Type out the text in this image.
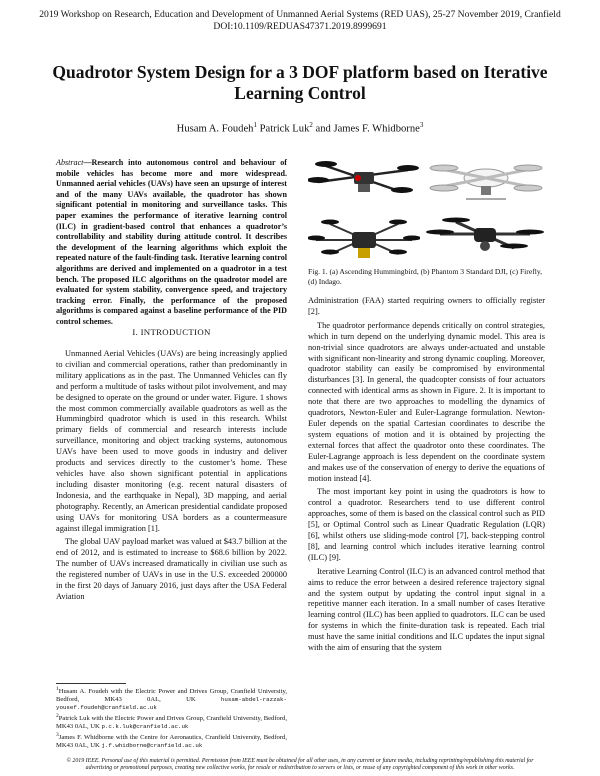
2019 Workshop on Research, Education and Development of Unmanned Aerial Systems (RED UAS), 25-27 November 2019, Cranfield
DOI:10.1109/REDUAS47371.2019.8999691
Quadrotor System Design for a 3 DOF platform based on Iterative Learning Control
Husam A. Foudeh$^1$ Patrick Luk$^2$ and James F. Whidborne$^3$
Abstract—Research into autonomous control and behaviour of mobile vehicles has become more and more widespread. Unmanned aerial vehicles (UAVs) have seen an upsurge of interest and of the many UAVs available, the quadrotor has shown significant potential in monitoring and surveillance tasks. This paper examines the performance of iterative learning control (ILC) in gradient-based control that enhances a quadrotor’s controllability and stability during attitude control. It describes the development of the learning algorithms which exploit the repeated nature of the fault-finding task. Iterative learning control algorithms are derived and implemented on a quadrotor in a test bench. The proposed ILC algorithms on the quadrotor model are evaluated for system stability, convergence speed, and trajectory tracking error. Finally, the performance of the proposed algorithms is compared against a baseline performance of the PID control schemes.
I. INTRODUCTION

Unmanned Aerial Vehicles (UAVs) are being increasingly applied to civilian and commercial operations, rather than predominantly in military applications as in the past. The Unmanned Vehicles can fly and perform a multitude of tasks without pilot involvement, and may be designed to operate on the ground or under water. Figure. 1 shows the most common commercially available quadrotors as well as the Hummingbird quadrotor which is used in this research. Whilst primary fields of commercial and research interests include surveillance, monitoring and object tracking systems, autonomous UAVs have been used to move goods in industry and deliver products and services directly to the customer’s home. These vehicles have also shown significant potential in applications including disaster monitoring (e.g. recent natural disasters of Indonesia, and the earthquake in Nepal), 3D mapping, and aerial photography. Recently, an American presidential candidate proposed using UAVs for monitoring USA borders as a countermeasure against illegal immigration [1].

The global UAV payload market was valued at $43.7 billion at the end of 2012, and is estimated to increase to $68.6 billion by 2022. The number of UAVs increased dramatically in civilian use such as the registered number of UAVs in use in the U.S. exceeded 200000 in the first 20 days of January 2016, just days after the USA Federal Aviation

$^1$Husam A. Foudeh with the Electric Power and Drives Group, Cranfield University, Bedford, MK43 0AL, UK	husam-abdel-razzak-yousef.foudeh@cranfield.ac.uk
$^2$Patrick Luk with the Electric Power and Drives Group, Cranfield University, Bedford, MK43 0AL, UK p.c.k.luk@cranfield.ac.uk
$^3$James F. Whidborne with the Centre for Aeronautics, Cranfield University, Bedford, MK43 0AL, UK j.f.whidborne@cranfield.ac.uk
Fig. 1. (a) Ascending Hummingbird, (b) Phantom 3 Standard DJI, (c) Firefly, (d) Indago.

Administration (FAA) started requiring owners to officially register [2].

The quadrotor performance depends critically on control strategies, which in turn depend on the underlying dynamic model. This area is non-trivial since quadrotors are always under-actuated and unstable with significant non-linearity and strong dynamic coupling. Moreover, quadrotor stability can easily be compromised by environmental disturbances [3]. In general, the quadcopter consists of four actuators connected with identical arms as shown in Figure. 2. It is important to note that there are two approaches to modelling the dynamics of quadrotors, Newton-Euler and Euler-Lagrange formulation. Newton-Euler depends on the spatial Cartesian coordinates to describe the system equations of motion and it is obtained by projecting the external forces that affect the quadrotor onto these coordinates. The Euler-Lagrange approach is less dependent on the coordinate system and makes use of the conservation of energy to derive the equations of motion instead [4].

The most important key point in using the quadrotors is how to control a quadrotor. Researchers tend to use different control approaches, some of them is based on the classical control such as PID [5], or Optimal Control such as Linear Quadratic Regulation (LQR) [6], whilst others use sliding-mode control [7], back-stepping control [8], and learning control which includes iterative learning control (ILC) [9].

Iterative Learning Control (ILC) is an advanced control method that aims to reduce the error between a desired reference trajectory signal and the system output by updating the control input signal in a repetitive manner each iteration. In a small number of cases Iterative learning control (ILC) has been applied to quadrotors. ILC can be used for systems in which the finite-duration task is repeated. Each trial must have the same initial conditions and ILC updates the input signal with the aim of ensuring that the system

© 2019 IEEE. Personal use of this material is permitted. Permission from IEEE must be obtained for all other uses, in any current or future media, including reprinting/republishing this material for
advertising or promotional purposes, creating new collective works, for resale or redistribution to servers or lists, or reuse of any copyrighted component of this work in other works.
